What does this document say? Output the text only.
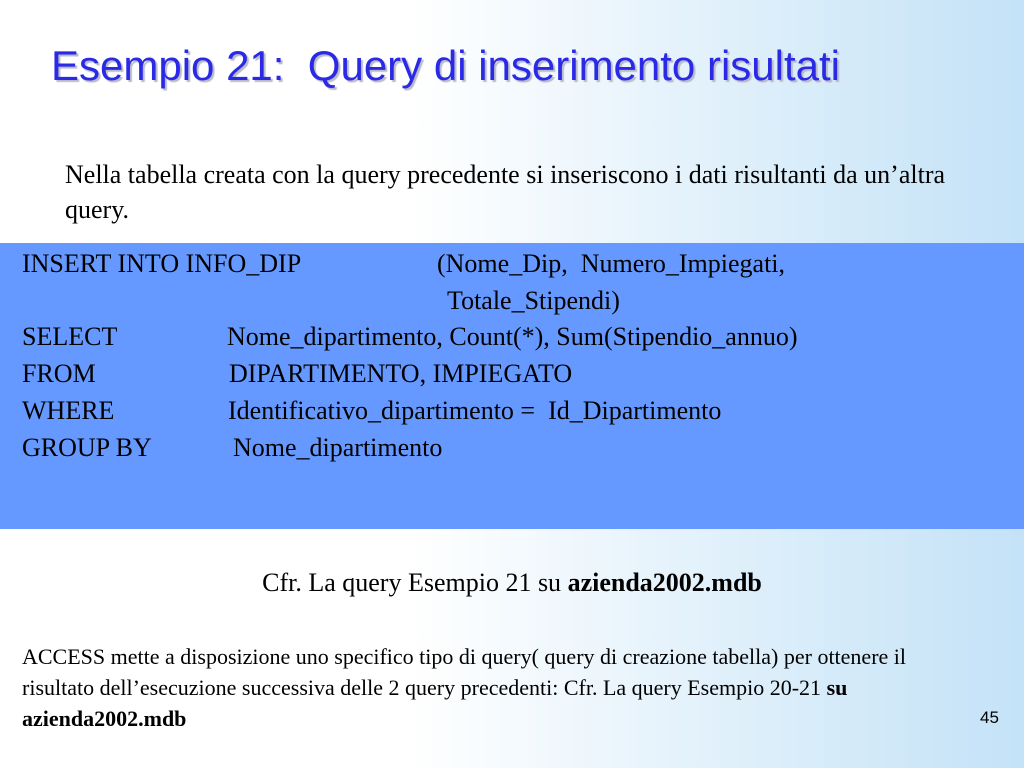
Esempio 21:  Query di inserimento risultati
Nella tabella creata con la query precedente si inseriscono i dati risultanti da un’altra query.
INSERT INTO INFO_DIP	(Nome_Dip,  Numero_Impiegati,
Totale_Stipendi)
SELECT	Nome_dipartimento, Count(*), Sum(Stipendio_annuo)
FROM	DIPARTIMENTO, IMPIEGATO
WHERE	Identificativo_dipartimento =  Id_Dipartimento
GROUP BY	Nome_dipartimento
Cfr. La query Esempio 21 su azienda2002.mdb
ACCESS mette a disposizione uno specifico tipo di query( query di creazione tabella) per ottenere il risultato dell’esecuzione successiva delle 2 query precedenti: Cfr. La query Esempio 20-21 su azienda2002.mdb	45
